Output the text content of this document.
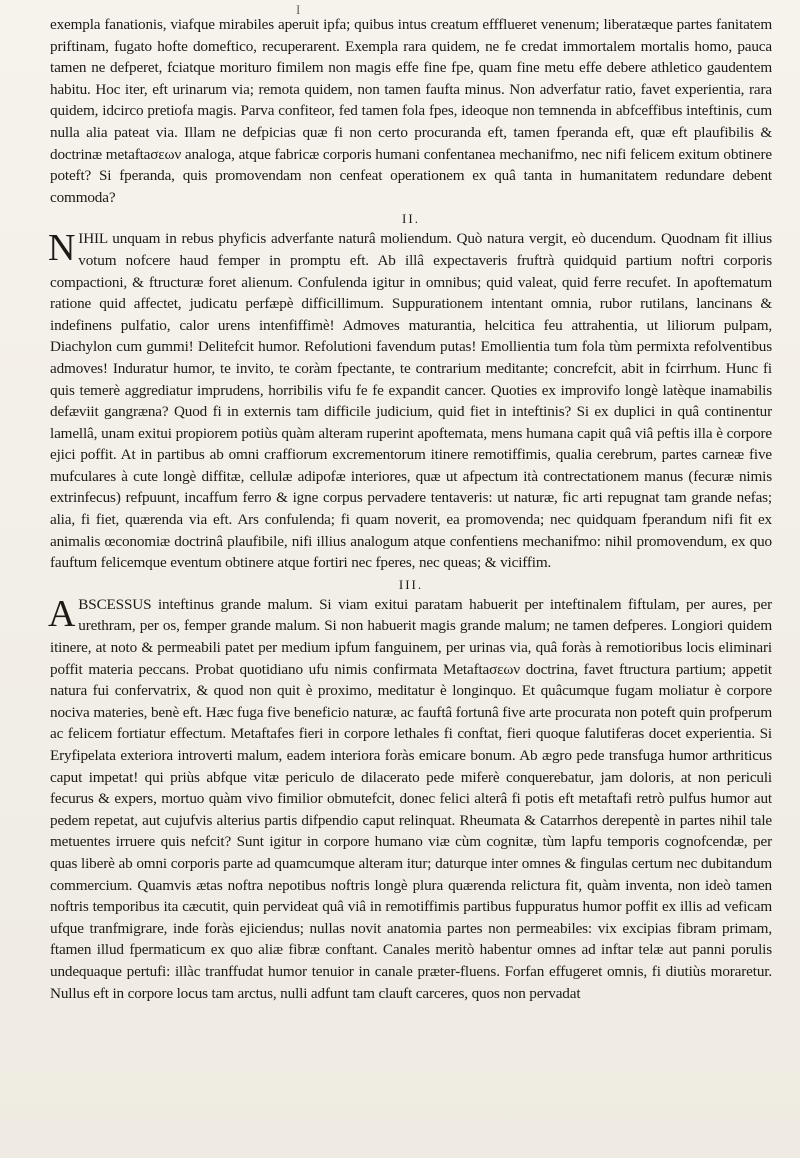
I

exempla fanationis, viafque mirabiles aperuit ipfa; quibus intus creatum effflueret venenum; liberatæque partes fanitatem priftinam, fugato hofte domeftico, recuperarent. Exempla rara quidem, ne fe credat immortalem mortalis homo, pauca tamen ne defperet, fciatque morituro fimilem non magis effe fine fpe, quam fine metu effe debere athletico gaudentem habitu. Hoc iter, eft urinarum via; remota quidem, non tamen faufta minus. Non adverfatur ratio, favet experientia, rara quidem, idcirco pretiofa magis. Parva confiteor, fed tamen fola fpes, ideoque non temnenda in abfceffibus inteftinis, cum nulla alia pateat via. Illam ne defpicias quæ fi non certo procuranda eft, tamen fperanda eft, quæ eft plaufibilis & doctrinæ metaftaσεων analoga, atque fabricæ corporis humani confentanea mechanifmo, nec nifi felicem exitum obtinere poteft? Si fperanda, quis promovendam non cenfeat operationem ex quâ tanta in humanitatem redundare debent commoda?

II.

NIHIL unquam in rebus phyficis adverfante naturâ moliendum. Quò natura vergit, eò ducendum. Quodnam fit illius votum nofcere haud femper in promptu eft. Ab illâ expectaveris fruftrà quidquid partium noftri corporis compactioni, & ftructuræ foret alienum. Confulenda igitur in omnibus; quid valeat, quid ferre recufet. In apoftematum ratione quid affectet, judicatu perfæpè difficillimum. Suppurationem intentant omnia, rubor rutilans, lancinans & indefinens pulfatio, calor urens intenfiffimè! Admoves maturantia, helcitica feu attrahentia, ut liliorum pulpam, Diachylon cum gummi! Delitefcit humor. Refolutioni favendum putas! Emollientia tum fola tùm permixta refolventibus admoves! Induratur humor, te invito, te coràm fpectante, te contrarium meditante; concrefcit, abit in fcirrhum. Hunc fi quis temerè aggrediatur imprudens, horribilis vifu fe fe expandit cancer. Quoties ex improvifo longè latèque inamabilis defæviit gangræna? Quod fi in externis tam difficile judicium, quid fiet in inteftinis? Si ex duplici in quâ continentur lamellâ, unam exitui propiorem potiùs quàm alteram ruperint apoftemata, mens humana capit quâ viâ peftis illa è corpore ejici poffit. At in partibus ab omni craffiorum excrementorum itinere remotiffimis, qualia cerebrum, partes carneæ five mufculares à cute longè diffitæ, cellulæ adipofæ interiores, quæ ut afpectum ità contrectationem manus (fecuræ nimis extrinfecus) refpuunt, incaffum ferro & igne corpus pervadere tentaveris: ut naturæ, fic arti repugnat tam grande nefas; alia, fi fiet, quærenda via eft. Ars confulenda; fi quam noverit, ea promovenda; nec quidquam fperandum nifi fit ex animalis œconomiæ doctrinâ plaufibile, nifi illius analogum atque confentiens mechanifmo: nihil promovendum, ex quo fauftum felicemque eventum obtinere atque fortiri nec fperes, nec queas; & viciffim.

III.

ABSCESSUS inteftinus grande malum. Si viam exitui paratam habuerit per inteftinalem fiftulam, per aures, per urethram, per os, femper grande malum. Si non habuerit magis grande malum; ne tamen defperes. Longiori quidem itinere, at noto & permeabili patet per medium ipfum fanguinem, per urinas via, quâ foràs à remotioribus locis eliminari poffit materia peccans. Probat quotidiano ufu nimis confirmata Metaftaσεων doctrina, favet ftructura partium; appetit natura fui confervatrix, & quod non quit è proximo, meditatur è longinquo. Et quâcumque fugam moliatur è corpore nociva materies, benè eft. Hæc fuga five beneficio naturæ, ac fauftâ fortunâ five arte procurata non poteft quin profperum ac felicem fortiatur effectum. Metaftafes fieri in corpore lethales fi conftat, fieri quoque falutiferas docet experientia. Si Eryfipelata exteriora introverti malum, eadem interiora foràs emicare bonum. Ab ægro pede transfuga humor arthriticus caput impetat! qui priùs abfque vitæ periculo de dilacerato pede miferè conquerebatur, jam doloris, at non periculi fecurus & expers, mortuo quàm vivo fimilior obmutefcit, donec felici alterâ fi potis eft metaftafi retrò pulfus humor aut pedem repetat, aut cujufvis alterius partis difpendio caput relinquat. Rheumata & Catarrhos derepentè in partes nihil tale metuentes irruere quis nefcit? Sunt igitur in corpore humano viæ cùm cognitæ, tùm lapfu temporis cognofcendæ, per quas liberè ab omni corporis parte ad quamcumque alteram itur; daturque inter omnes & fingulas certum nec dubitandum commercium. Quamvis ætas noftra nepotibus noftris longè plura quærenda relictura fit, quàm inventa, non ideò tamen noftris temporibus ita cæcutit, quin pervideat quâ viâ in remotiffimis partibus fuppuratus humor poffit ex illis ad veficam ufque tranfmigrare, inde foràs ejiciendus; nullas novit anatomia partes non permeabiles: vix excipias fibram primam, ftamen illud fpermaticum ex quo aliæ fibræ conftant. Canales meritò habentur omnes ad inftar telæ aut panni porulis undequaque pertufi: illàc tranffudat humor tenuior in canale præter-fluens. Forfan effugeret omnis, fi diutiùs moraretur. Nullus eft in corpore locus tam arctus, nulli adfunt tam clauft carceres, quos non pervadat
